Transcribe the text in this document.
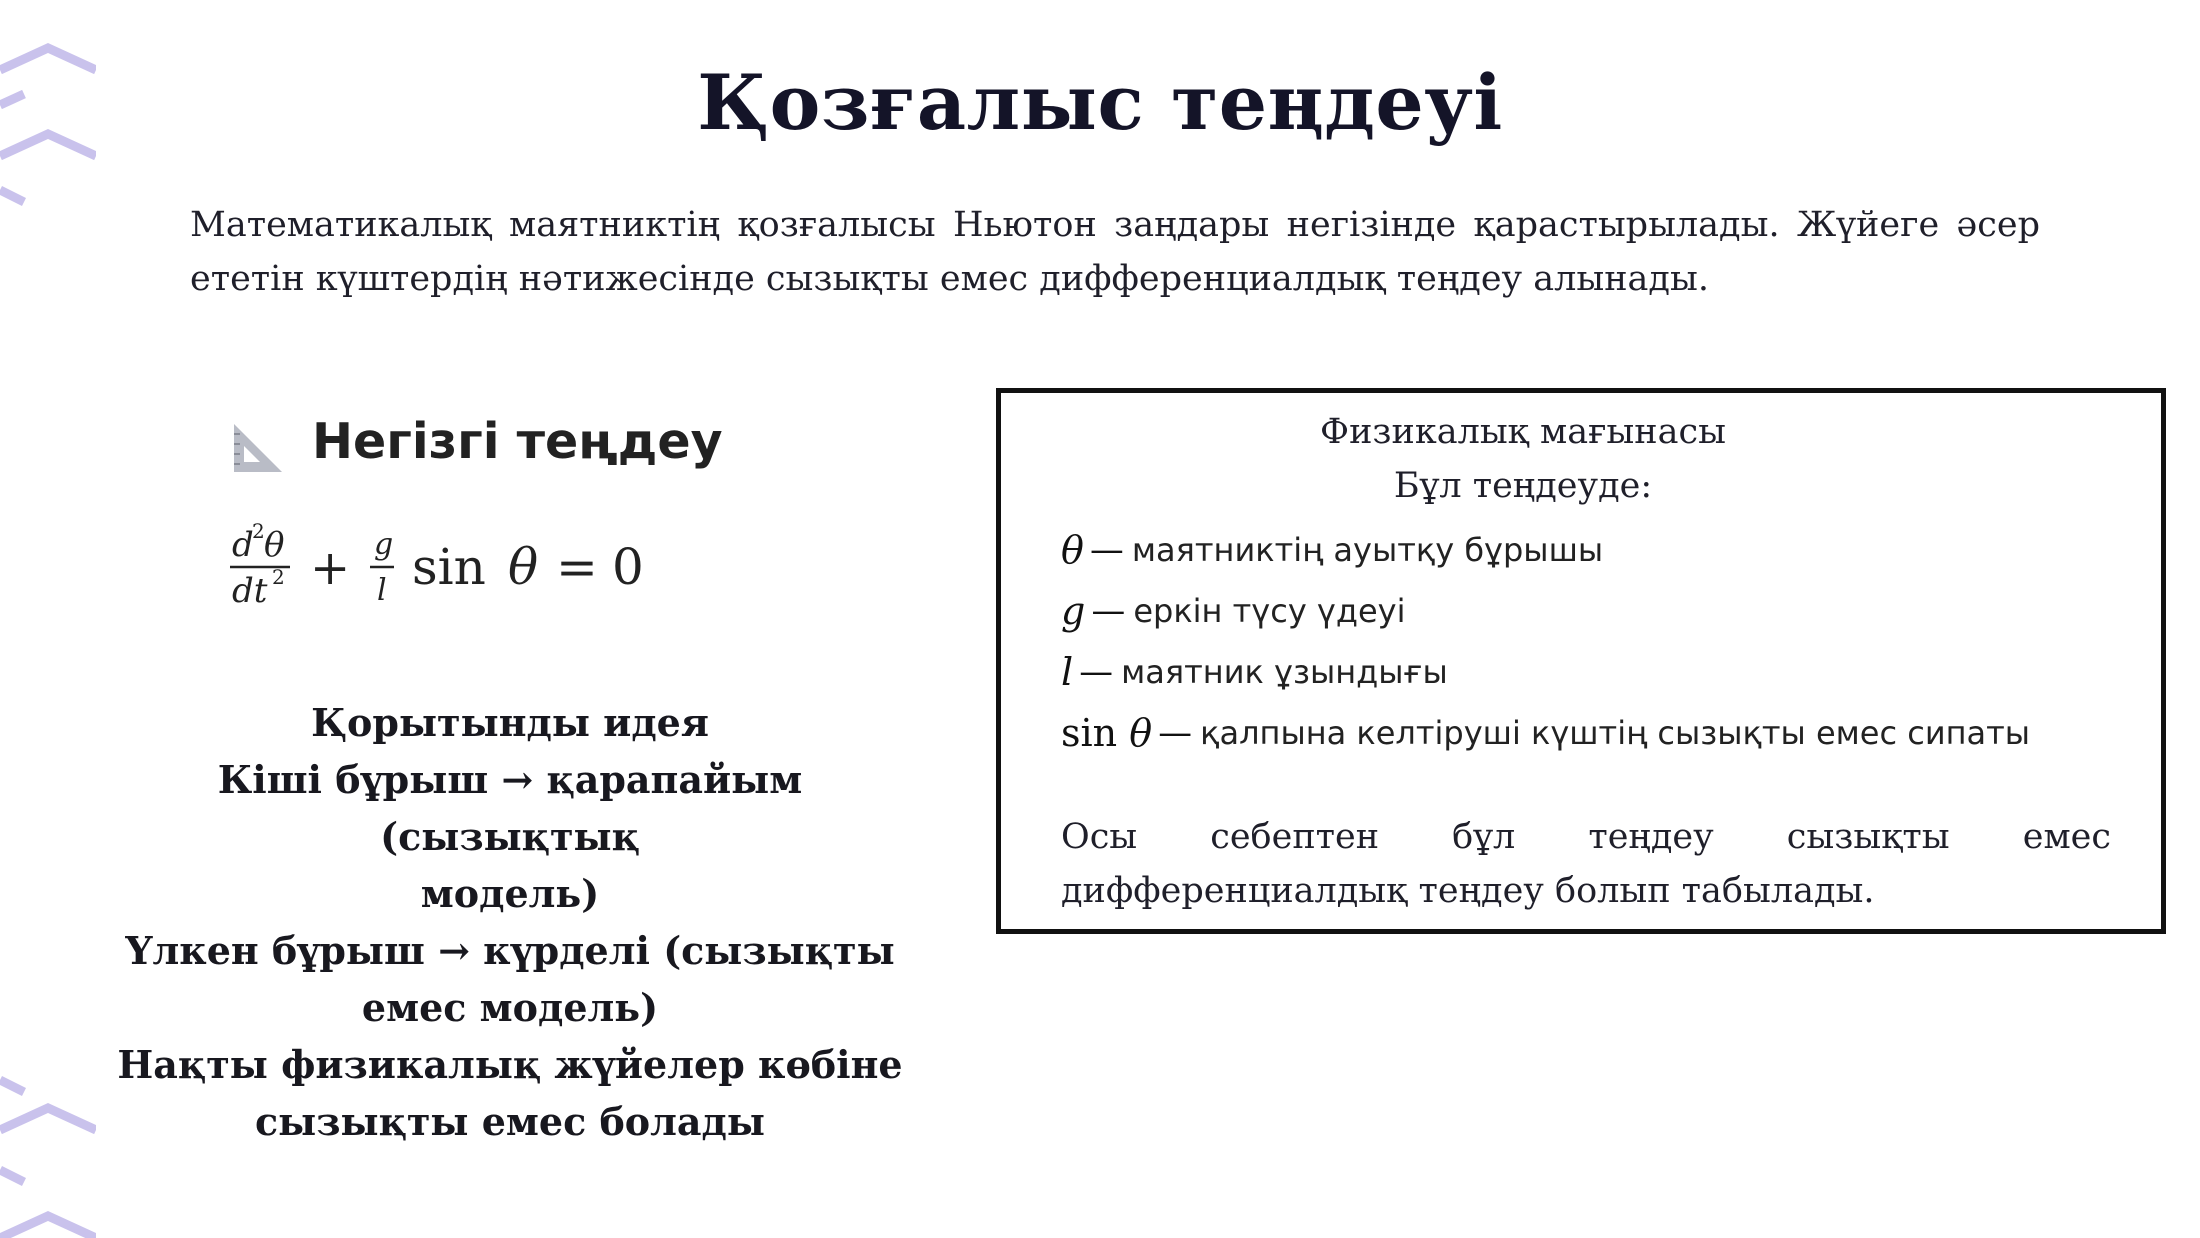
Қозғалыс теңдеуі

Математикалық маятниктің қозғалысы Ньютон заңдары негізінде қарастырылады. Жүйеге әсер ететін күштердің нәтижесінде сызықты емес дифференциалдық теңдеу алынады.

Негізгі теңдеу
d
2 θ
dt 2 + g
l sin θ = 0
Қорытынды идея
Кіші бұрыш → қарапайым (сызықтық
модель)
Үлкен бұрыш → күрделі (сызықты
емес модель)
Нақты физикалық жүйелер көбіне
сызықты емес болады
Физикалық мағынасы
Бұл теңдеуде:
θ — маятниктің ауытқу бұрышы
g — еркін түсу үдеуі
l — маятник ұзындығы
sin θ — қалпына келтіруші күштің сызықты емес сипаты

Осы себептен бұл теңдеу сызықты емес дифференциалдық теңдеу болып табылады.
